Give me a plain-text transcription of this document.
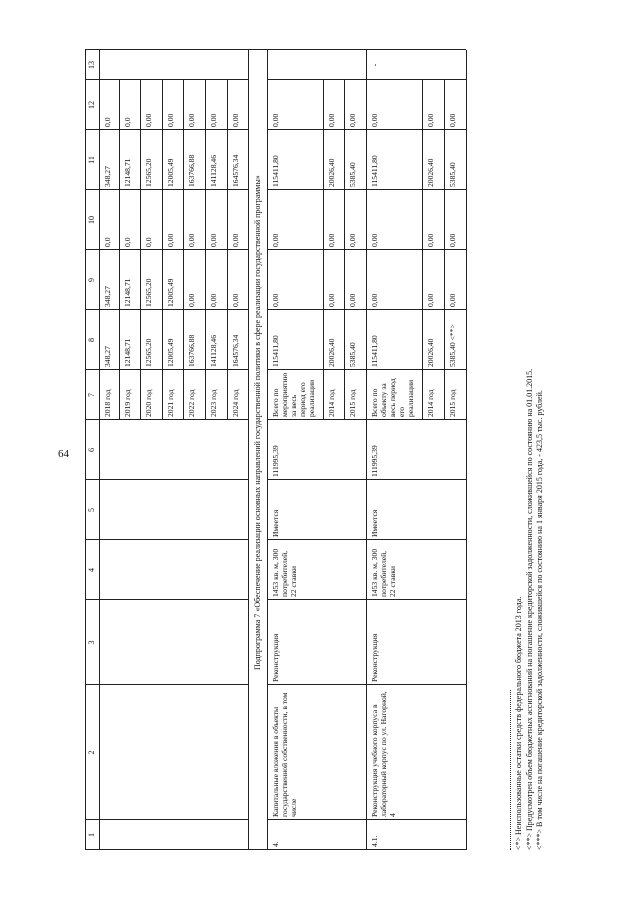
64
1
2
3
4
5
6
7
8
9
10
11
12
13
2018 год
348,27
348,27
0,0
348,27
0,0
2019 год
12148,71
12148,71
0,0
12148,71
0,0
2020 год
12565,20
12565,20
0,0
12565,20
0,00
2021 год
12005,49
12005,49
0,00
12005,49
0,00
2022 год
163766,88
0,00
0,00
163766,88
0,00
2023 год
141128,46
0,00
0,00
141128,46
0,00
2024 год
164576,34
0,00
0,00
164576,34
0,00
Подпрограмма 7 «Обеспечение реализации основных направлений государственной политики в сфере реализации государственной программы»
4.
Капитальные вложения в объекты государственной собственности, в том числе
Реконструкция
1453 кв. м, 300 потребителей, 22 ставки
Имеется
111995,39
Всего по мероприятию за весь период его реализации
115411,80
0,00
0,00
115411,80
0,00
2014 год
20026,40
0,00
0,00
20026,40
0,00
2015 год
5385,40
0,00
0,00
5385,40
0,00
4.1.
Реконструкция учебного корпуса в лабораторный корпус по ул. Нагорной, 4
Реконструкция
1453 кв. м, 300 потребителей, 22 ставки
Имеется
111995,39
-
Всего по объекту за весь период его реализации
115411,80
0,00
0,00
115411,80
0,00
2014 год
20026,40
0,00
0,00
20026,40
0,00
2015 год
5385,40 <**>
0,00
0,00
5385,40
0,00
<*> Неиспользованные остатки средств федерального бюджета 2013 года. <**> Предусмотрен объем бюджетных ассигнований на погашение кредиторской задолженности, сложившейся по состоянию на 01.01.2015. <***> В том числе на погашение кредиторской задолженности, сложившейся по состоянию на 1 января 2015 года, - 423,5 тыс. рублей.
